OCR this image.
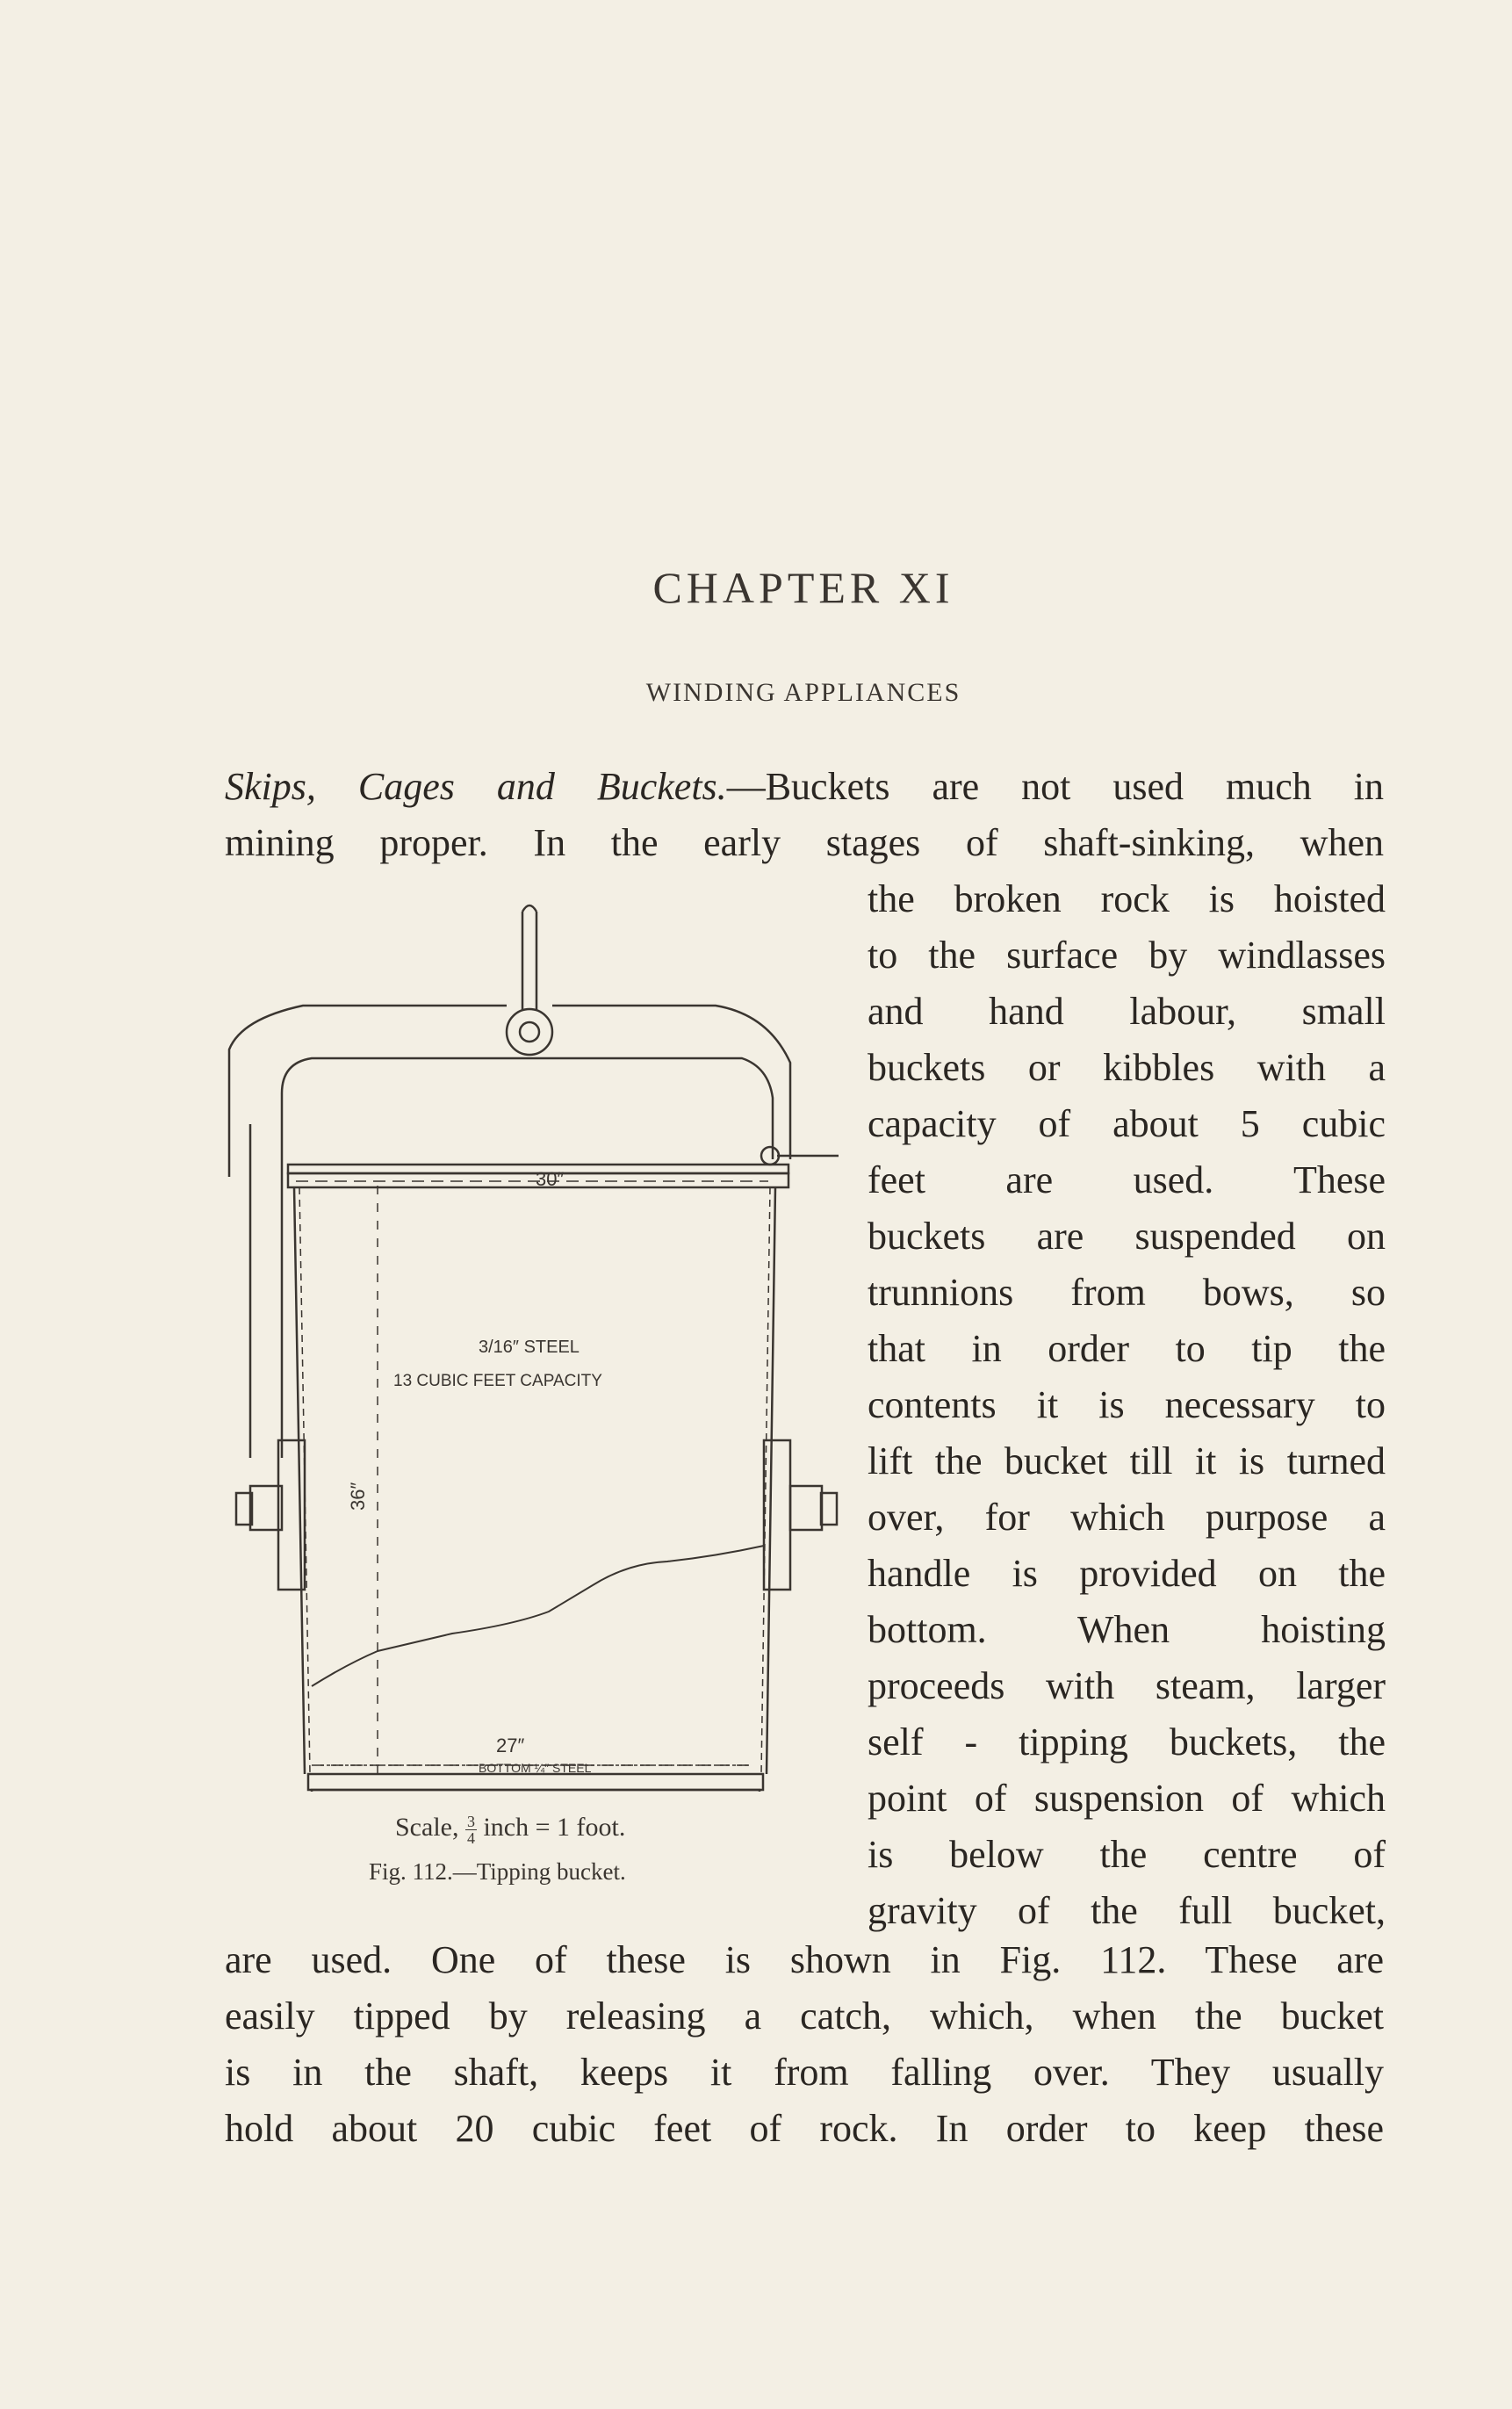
CHAPTER XI
WINDING APPLIANCES
Skips, Cages and Buckets.—Buckets are not used much in
mining proper. In the early stages of shaft-sinking, when
the broken rock is hoisted
to the surface by windlasses
and hand labour, small
buckets or kibbles with a
capacity of about 5 cubic
feet are used. These
buckets are suspended on
trunnions from bows, so
that in order to tip the
contents it is necessary to
lift the bucket till it is turned
over, for which purpose a
handle is provided on the
bottom. When hoisting
proceeds with steam, larger
self - tipping buckets, the
point of suspension of which
is below the centre of
gravity of the full bucket,
are used. One of these is shown in Fig. 112. These are
easily tipped by releasing a catch, which, when the bucket
is in the shaft, keeps it from falling over. They usually
hold about 20 cubic feet of rock. In order to keep these
30″
36″
27″
3/16″ STEEL
13 CUBIC FEET CAPACITY
BOTTOM ¼″ STEEL
Scale, $\frac{3}{4}$ inch = 1 foot.
Fig. 112.—Tipping bucket.
